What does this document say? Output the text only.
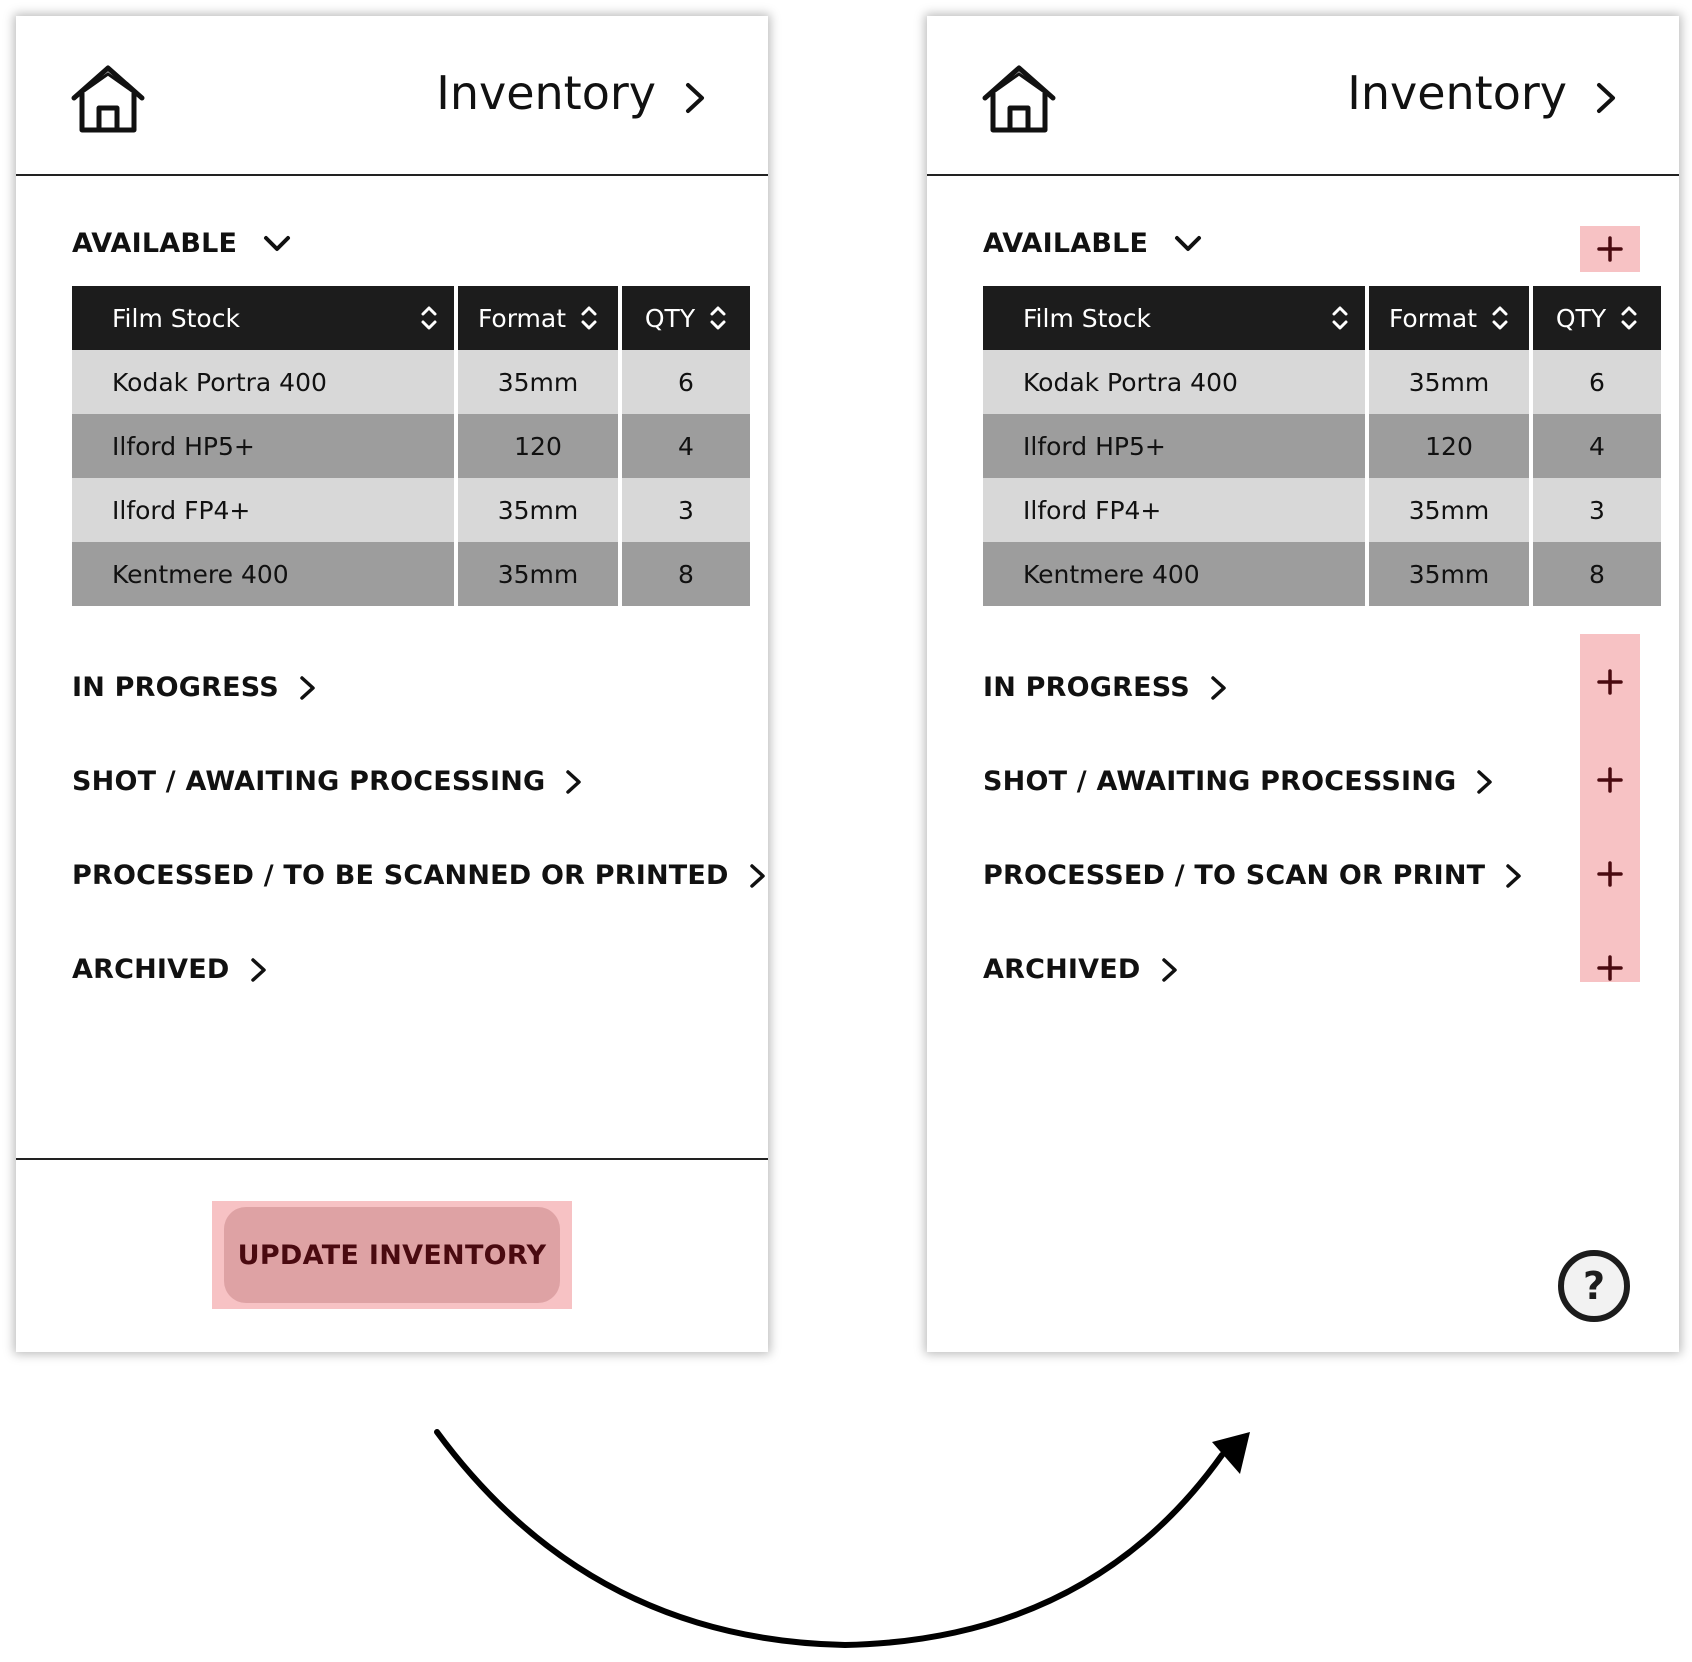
Inventory
AVAILABLE
Film Stock	Format	QTY

Kodak Portra 400	35mm	6
Ilford HP5+	120	4
Ilford FP4+	35mm	3
Kentmere 400	35mm	8
IN PROGRESS
SHOT / AWAITING PROCESSING
PROCESSED / TO BE SCANNED OR PRINTED
ARCHIVED
UPDATE INVENTORY
Inventory
AVAILABLE
Film Stock	Format	QTY

Kodak Portra 400	35mm	6
Ilford HP5+	120	4
Ilford FP4+	35mm	3
Kentmere 400	35mm	8
IN PROGRESS
SHOT / AWAITING PROCESSING
PROCESSED / TO SCAN OR PRINT
ARCHIVED
?
